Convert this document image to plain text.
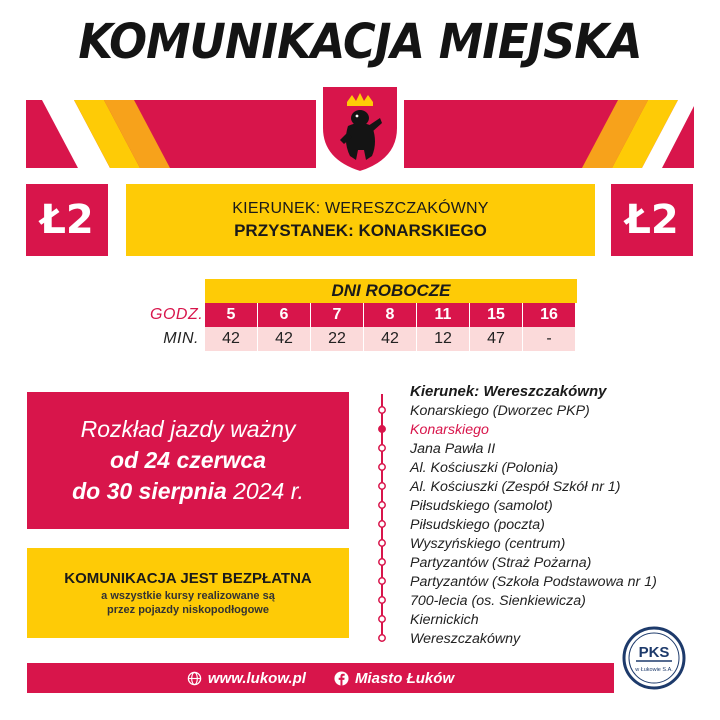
KOMUNIKACJA MIEJSKA
Ł2	KIERUNEK: WERESZCZAKÓWNY
PRZYSTANEK: KONARSKIEGO	Ł2
DNI ROBOCZE
GODZ.	5	6	7	8	11	15	16
MIN.	42	42	22	42	12	47	-
Rozkład jazdy ważny
od 24 czerwca
do 30 sierpnia 2024 r.
KOMUNIKACJA JEST BEZPŁATNA
a wszystkie kursy realizowane są
przez pojazdy niskopodłogowe
Kierunek: Wereszczakówny
Konarskiego (Dworzec PKP)
Konarskiego
Jana Pawła II
Al. Kościuszki (Polonia)
Al. Kościuszki (Zespół Szkół nr 1)
Piłsudskiego (samolot)
Piłsudskiego (poczta)
Wyszyńskiego (centrum)
Partyzantów (Straż Pożarna)
Partyzantów (Szkoła Podstawowa nr 1)
700-lecia (os. Sienkiewicza)
Kiernickich
Wereszczakówny
PKS
w Łukowie S.A.
www.lukow.pl	Miasto Łuków
